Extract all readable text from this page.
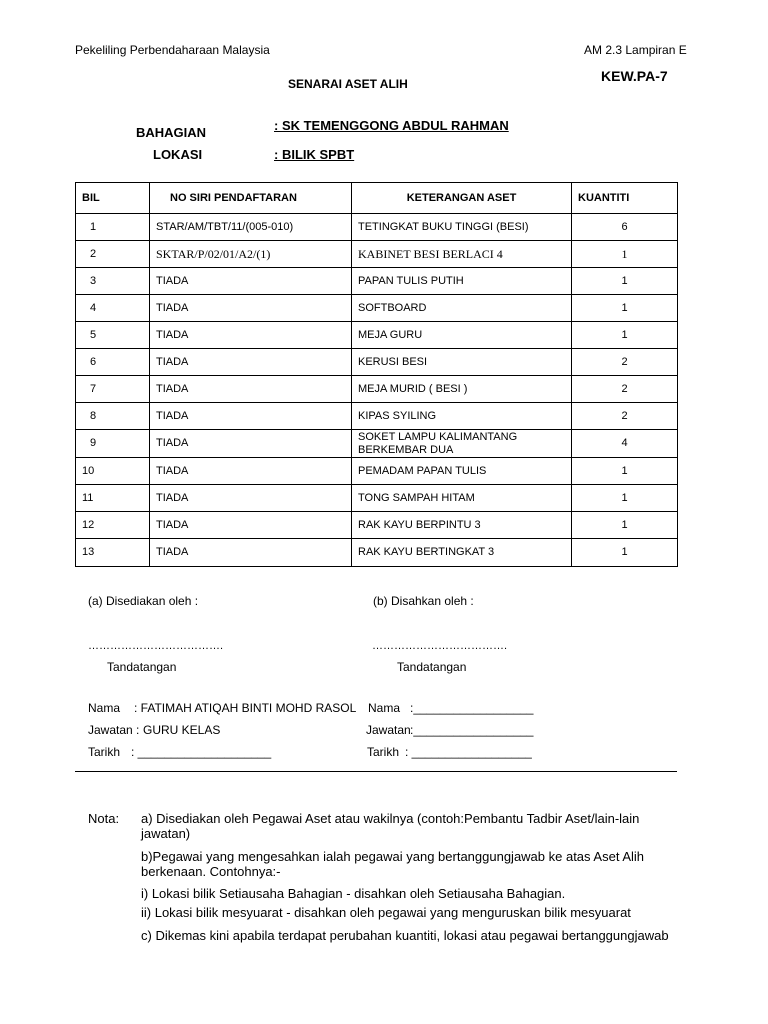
Pekeliling Perbendaharaan Malaysia	AM 2.3 Lampiran E
SENARAI ASET ALIH	KEW.PA-7
BAHAGIAN	: SK TEMENGGONG ABDUL RAHMAN
LOKASI	: BILIK SPBT
BIL	NO SIRI PENDAFTARAN	KETERANGAN ASET	KUANTITI
1	STAR/AM/TBT/11/(005-010)	TETINGKAT BUKU TINGGI (BESI)	6
2	SKTAR/P/02/01/A2/(1)	KABINET BESI BERLACI 4	1
3	TIADA	PAPAN TULIS PUTIH	1
4	TIADA	SOFTBOARD	1
5	TIADA	MEJA GURU	1
6	TIADA	KERUSI BESI	2
7	TIADA	MEJA MURID ( BESI )	2
8	TIADA	KIPAS SYILING	2
9	TIADA	SOKET LAMPU KALIMANTANG BERKEMBAR DUA	4
10	TIADA	PEMADAM PAPAN TULIS	1
11	TIADA	TONG SAMPAH HITAM	1
12	TIADA	RAK KAYU BERPINTU 3	1
13	TIADA	RAK KAYU BERTINGKAT 3	1
(a) Disediakan oleh :
……………………………….
Tandatangan
Nama : FATIMAH ATIQAH BINTI MOHD RASOL
Jawatan : GURU KELAS
Tarikh : ____________________
(b) Disahkan oleh :
……………………………….
Tandatangan
Nama :__________________
Jawatan :__________________
Tarikh : __________________
Nota: a) Disediakan oleh Pegawai Aset atau wakilnya (contoh:Pembantu Tadbir Aset/lain-lain jawatan)
b)Pegawai yang mengesahkan ialah pegawai yang bertanggungjawab ke atas Aset Alih berkenaan. Contohnya:-
i) Lokasi bilik Setiausaha Bahagian - disahkan oleh Setiausaha Bahagian.
ii) Lokasi bilik mesyuarat - disahkan oleh pegawai yang menguruskan bilik mesyuarat
c) Dikemas kini apabila terdapat perubahan kuantiti, lokasi atau pegawai bertanggungjawab
